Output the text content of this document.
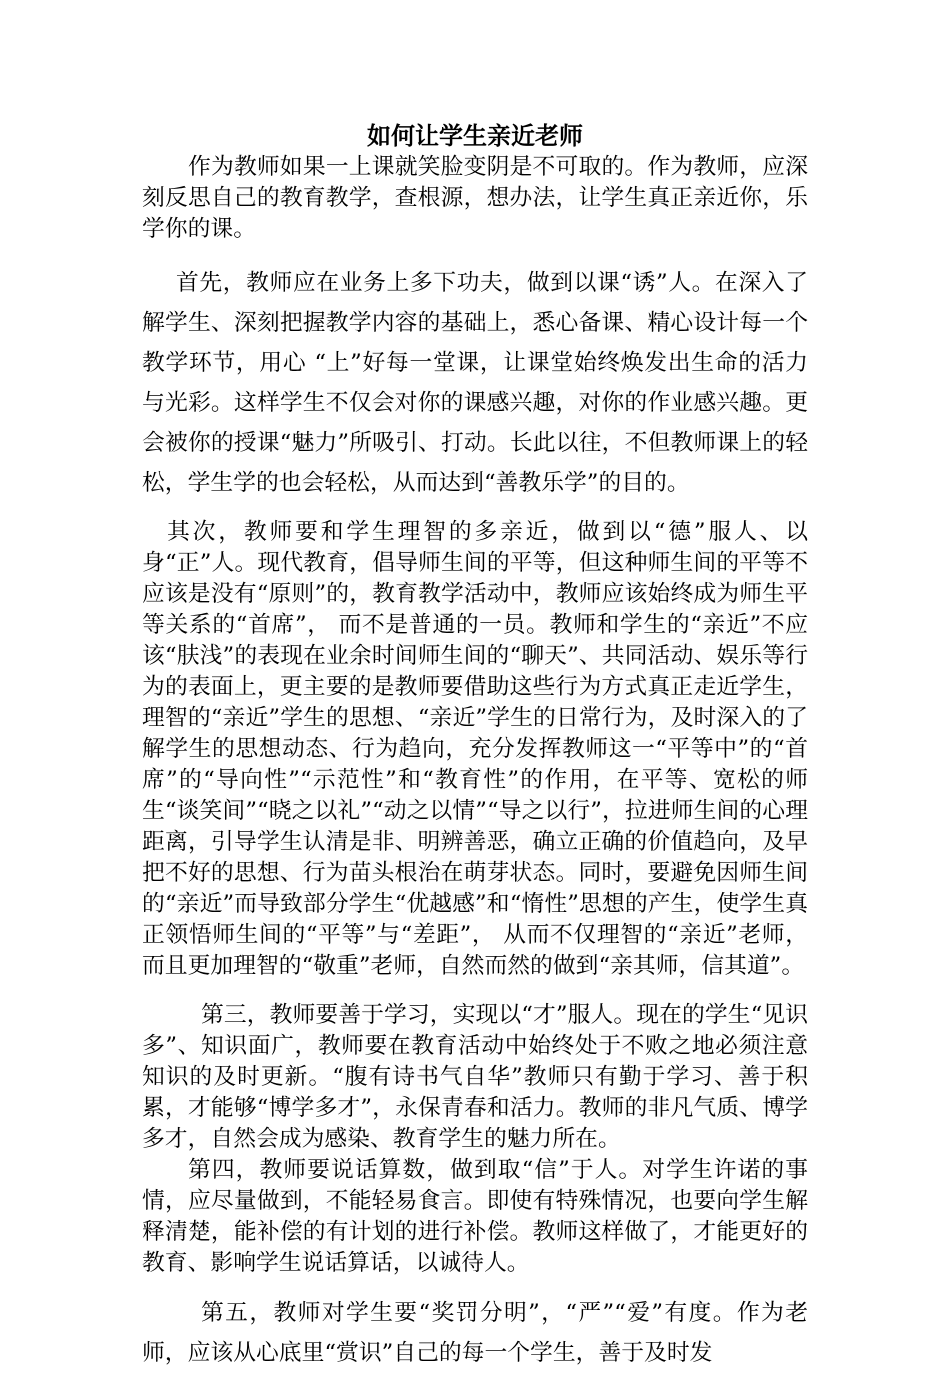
如何让学生亲近老师

作为教师如果一上课就笑脸变阴是不可取的。作为教师，应深刻反思自己的教育教学，查根源，想办法，让学生真正亲近你，乐学你的课。

首先，教师应在业务上多下功夫，做到以课“诱”人。在深入了解学生、深刻把握教学内容的基础上，悉心备课、精心设计每一个教学环节，用心 “上”好每一堂课，让课堂始终焕发出生命的活力与光彩。这样学生不仅会对你的课感兴趣，对你的作业感兴趣。更会被你的授课“魅力”所吸引、打动。长此以往，不但教师课上的轻松，学生学的也会轻松，从而达到“善教乐学”的目的。

其次，教师要和学生理智的多亲近，做到以“德”服人、以身“正”人。现代教育，倡导师生间的平等，但这种师生间的平等不应该是没有“原则”的，教育教学活动中，教师应该始终成为师生平等关系的“首席”， 而不是普通的一员。教师和学生的“亲近”不应该“肤浅”的表现在业余时间师生间的“聊天”、共同活动、娱乐等行为的表面上，更主要的是教师要借助这些行为方式真正走近学生，理智的“亲近”学生的思想、“亲近”学生的日常行为，及时深入的了解学生的思想动态、行为趋向，充分发挥教师这一“平等中”的“首席”的“导向性”“示范性”和“教育性”的作用，在平等、宽松的师生“谈笑间”“晓之以礼”“动之以情”“导之以行”，拉进师生间的心理距离，引导学生认清是非、明辨善恶，确立正确的价值趋向，及早把不好的思想、行为苗头根治在萌芽状态。同时，要避免因师生间的“亲近”而导致部分学生“优越感”和“惰性”思想的产生，使学生真正领悟师生间的“平等”与“差距”， 从而不仅理智的“亲近”老师，而且更加理智的“敬重”老师，自然而然的做到“亲其师，信其道”。

第三，教师要善于学习，实现以“才”服人。现在的学生“见识多”、知识面广，教师要在教育活动中始终处于不败之地必须注意知识的及时更新。“腹有诗书气自华”教师只有勤于学习、善于积累，才能够“博学多才”，永保青春和活力。教师的非凡气质、博学多才，自然会成为感染、教育学生的魅力所在。

第四，教师要说话算数，做到取“信”于人。对学生许诺的事情，应尽量做到，不能轻易食言。即使有特殊情况，也要向学生解释清楚，能补偿的有计划的进行补偿。教师这样做了，才能更好的教育、影响学生说话算话，以诚待人。

第五，教师对学生要“奖罚分明”，“严”“爱”有度。作为老师，应该从心底里“赏识”自己的每一个学生，善于及时发
